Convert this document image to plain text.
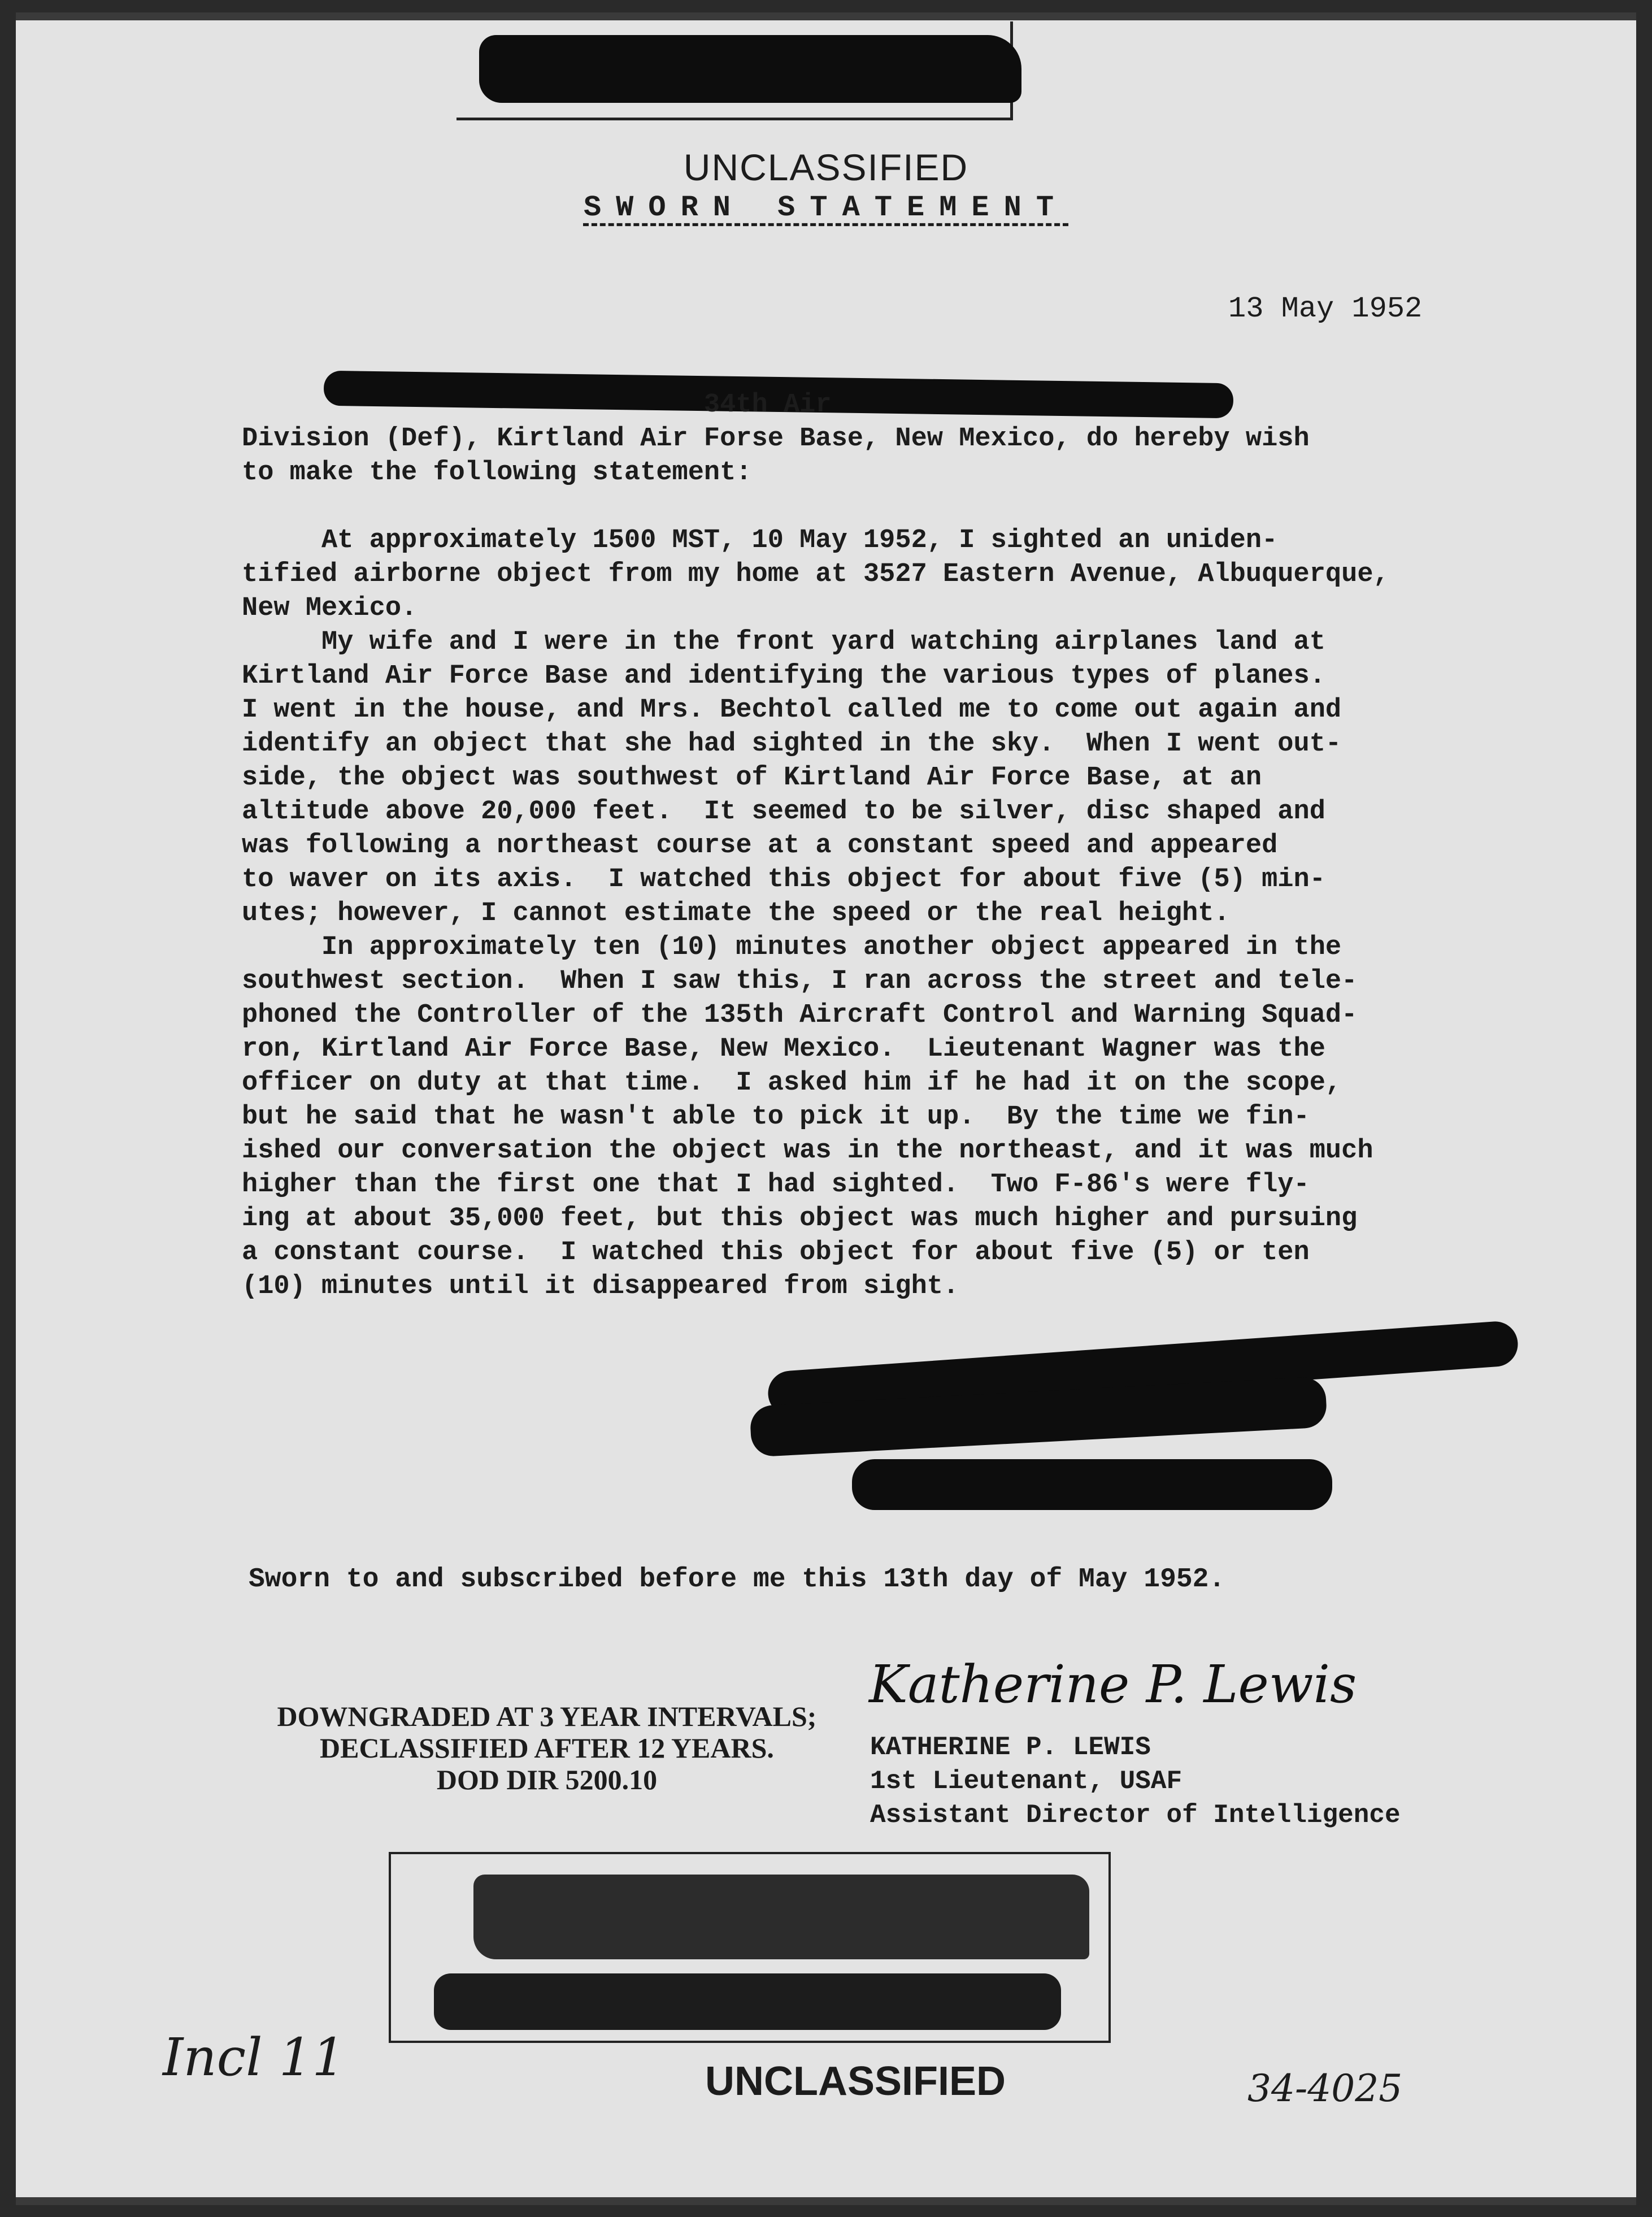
UNCLASSIFIED
SWORN STATEMENT
13 May 1952
34th Air
Division (Def), Kirtland Air Forse Base, New Mexico, do hereby wish
to make the following statement:

At approximately 1500 MST, 10 May 1952, I sighted an uniden-
tified airborne object from my home at 3527 Eastern Avenue, Albuquerque,
New Mexico.
My wife and I were in the front yard watching airplanes land at
Kirtland Air Force Base and identifying the various types of planes.
I went in the house, and Mrs. Bechtol called me to come out again and
identify an object that she had sighted in the sky.  When I went out-
side, the object was southwest of Kirtland Air Force Base, at an
altitude above 20,000 feet.  It seemed to be silver, disc shaped and
was following a northeast course at a constant speed and appeared
to waver on its axis.  I watched this object for about five (5) min-
utes; however, I cannot estimate the speed or the real height.
In approximately ten (10) minutes another object appeared in the
southwest section.  When I saw this, I ran across the street and tele-
phoned the Controller of the 135th Aircraft Control and Warning Squad-
ron, Kirtland Air Force Base, New Mexico.  Lieutenant Wagner was the
officer on duty at that time.  I asked him if he had it on the scope,
but he said that he wasn't able to pick it up.  By the time we fin-
ished our conversation the object was in the northeast, and it was much
higher than the first one that I had sighted.  Two F-86's were fly-
ing at about 35,000 feet, but this object was much higher and pursuing
a constant course.  I watched this object for about five (5) or ten
(10) minutes until it disappeared from sight.
Sworn to and subscribed before me this 13th day of May 1952.
DOWNGRADED AT 3 YEAR INTERVALS;
DECLASSIFIED AFTER 12 YEARS.
DOD DIR 5200.10
Katherine P. Lewis
KATHERINE P. LEWIS
1st Lieutenant, USAF
Assistant Director of Intelligence
Incl 11	UNCLASSIFIED	34-4025
